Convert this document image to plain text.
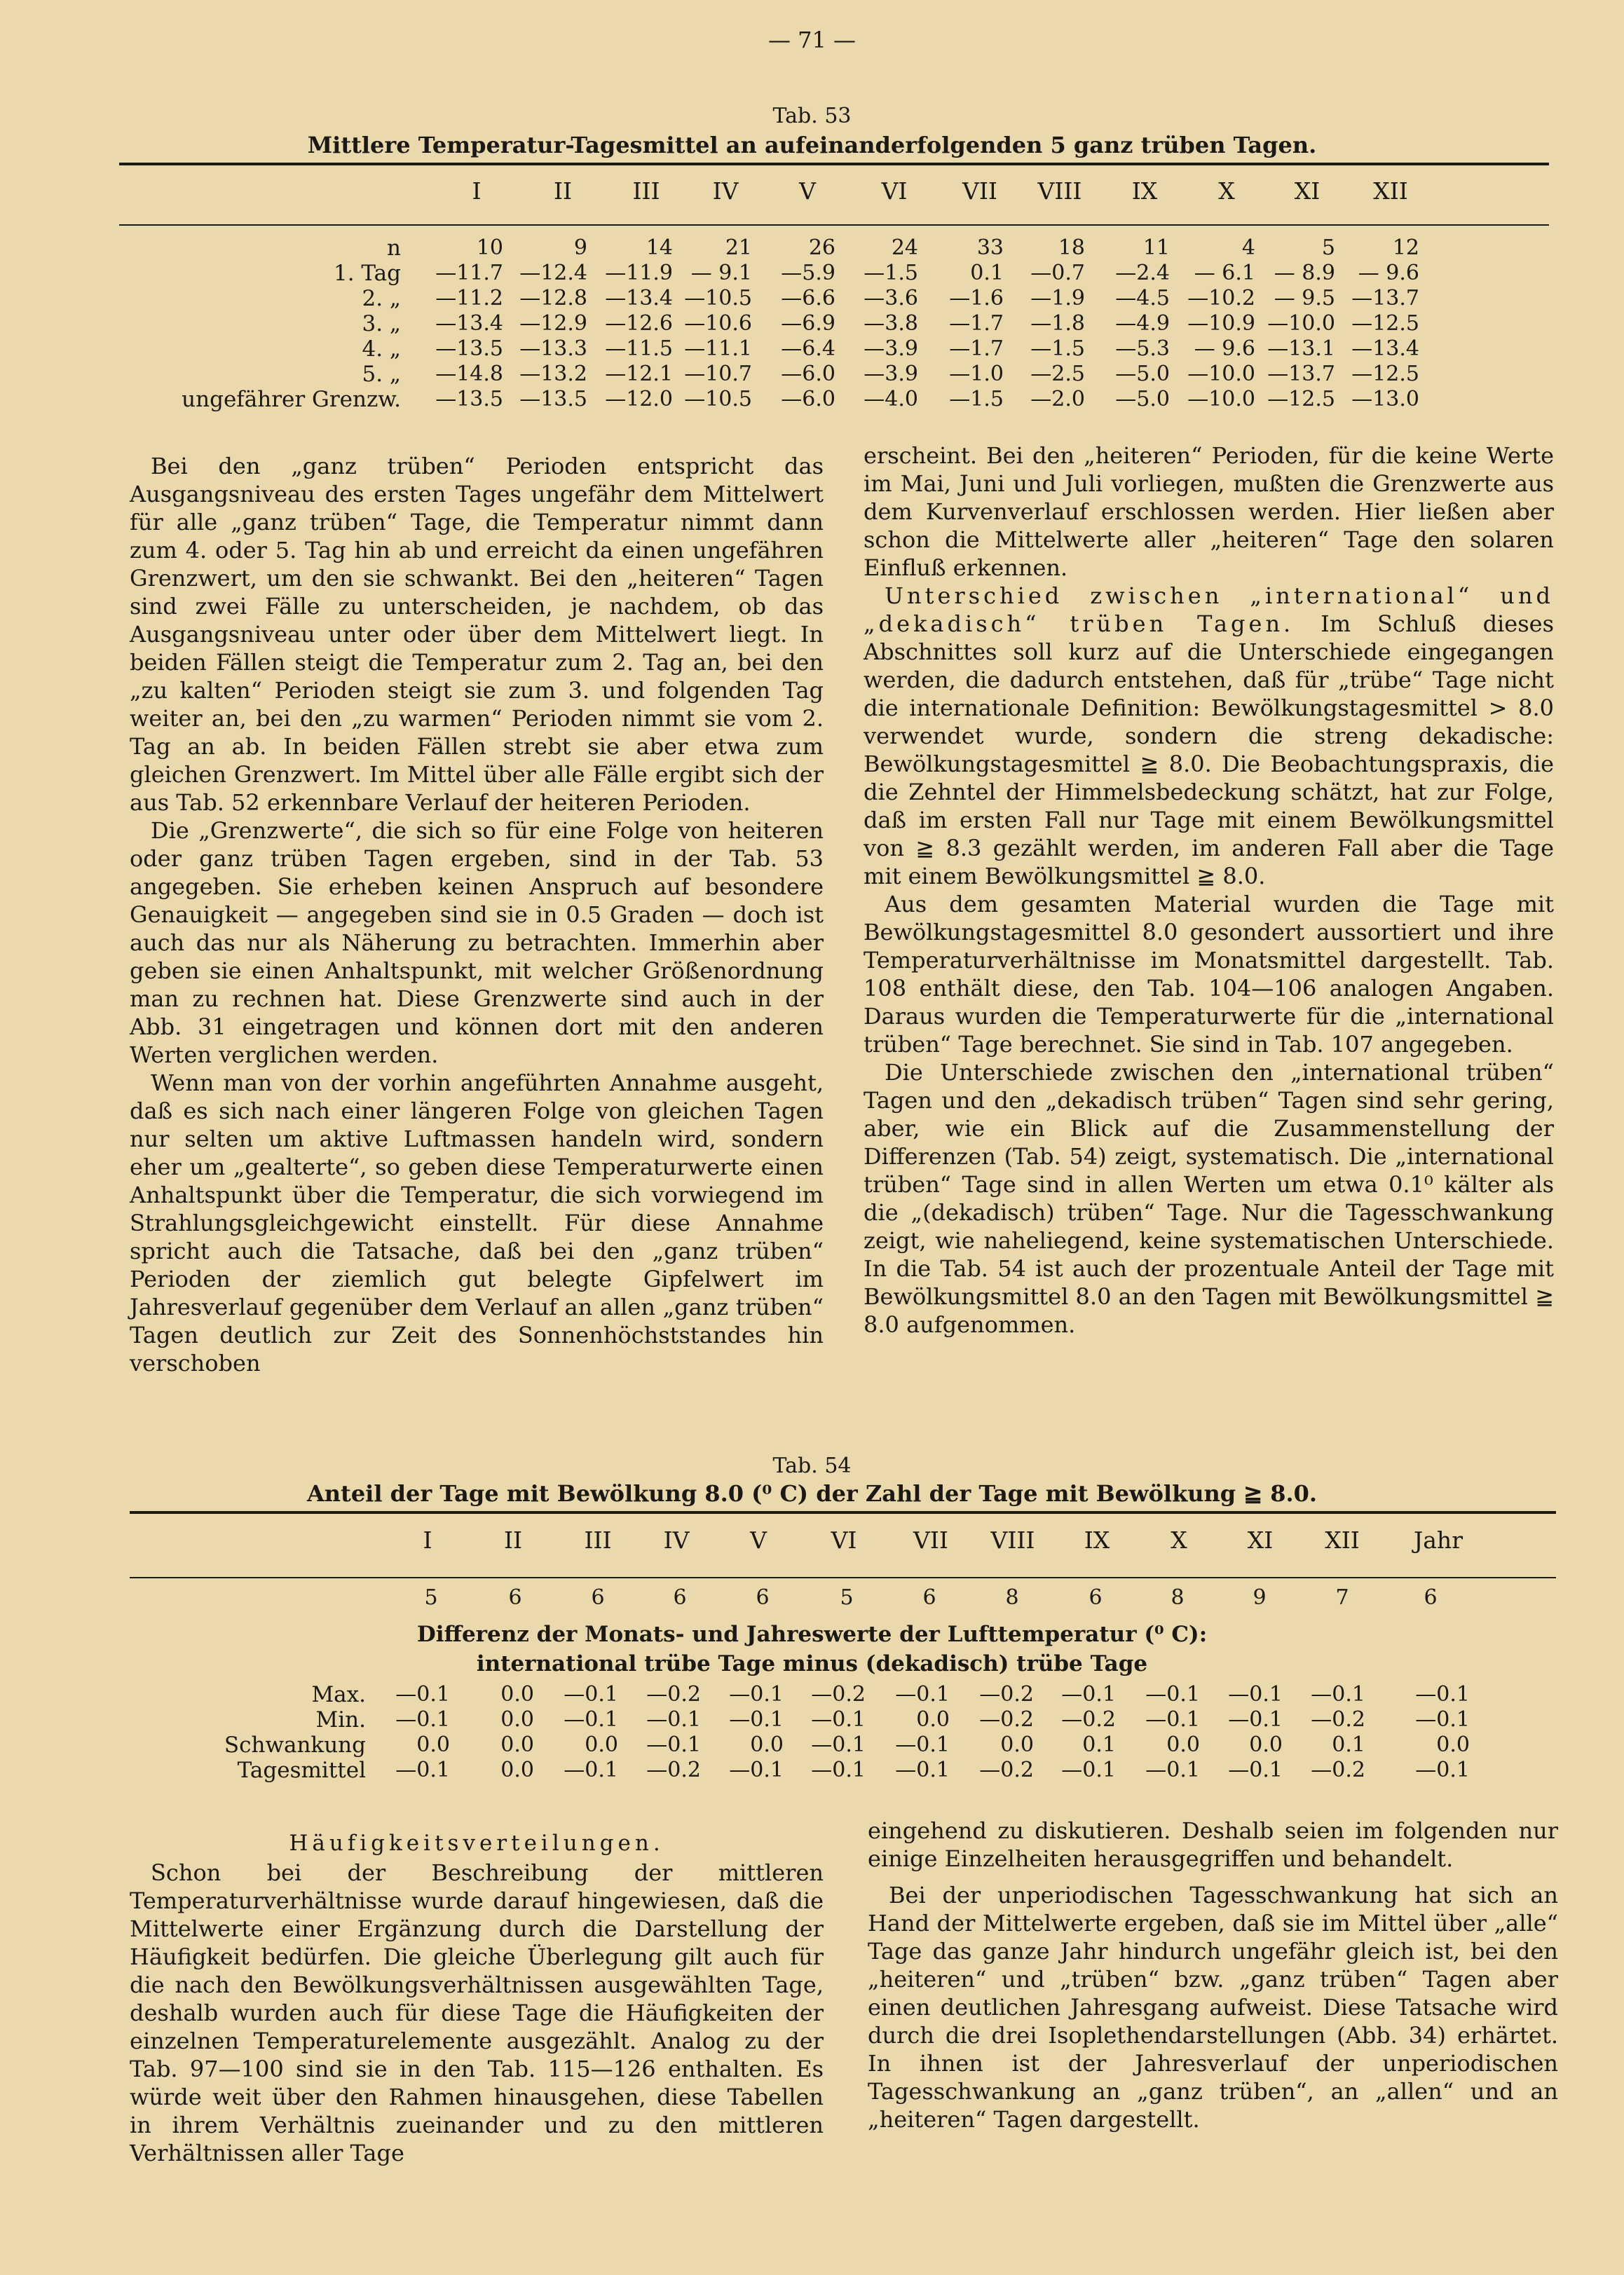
— 71 —
Tab. 53
Mittlere Temperatur-Tagesmittel an aufeinanderfolgenden 5 ganz trüben Tagen.
I	II	III	IV	V	VI	VII	VIII	IX	X	XI	XII
n	10	9	14	21	26	24	33	18	11	4	5	12
1. Tag	—11.7 —12.4 —11.9 — 9.1	—5.9	—1.5	0.1	—0.7	—2.4	— 6.1 — 8.9	— 9.6
2. „	—11.2 —12.8 —13.4 —10.5	—6.6	—3.6	—1.6	—1.9	—4.5 —10.2 — 9.5 —13.7
3. „	—13.4 —12.9 —12.6 —10.6	—6.9	—3.8	—1.7	—1.8	—4.9 —10.9 —10.0 —12.5
4. „	—13.5 —13.3 —11.5 —11.1	—6.4	—3.9	—1.7	—1.5	—5.3	— 9.6 —13.1 —13.4
5. „	—14.8 —13.2 —12.1 —10.7	—6.0	—3.9	—1.0	—2.5	—5.0 —10.0 —13.7 —12.5
ungefährer Grenzw.	—13.5 —13.5 —12.0 —10.5	—6.0	—4.0	—1.5	—2.0	—5.0 —10.0 —12.5 —13.0

Bei den „ganz trüben“ Perioden entspricht das Ausgangsniveau des ersten Tages ungefähr dem Mittelwert für alle „ganz trüben“ Tage, die Temperatur nimmt dann zum 4. oder 5. Tag hin ab und erreicht da einen ungefähren Grenzwert, um den sie schwankt. Bei den „heiteren“ Tagen sind zwei Fälle zu unterscheiden, je nachdem, ob das Ausgangsniveau unter oder über dem Mittelwert liegt. In beiden Fällen steigt die Temperatur zum 2. Tag an, bei den „zu kalten“ Perioden steigt sie zum 3. und folgenden Tag weiter an, bei den „zu warmen“ Perioden nimmt sie vom 2. Tag an ab. In beiden Fällen strebt sie aber etwa zum gleichen Grenzwert. Im Mittel über alle Fälle ergibt sich der aus Tab. 52 erkennbare Verlauf der heiteren Perioden.

Die „Grenzwerte“, die sich so für eine Folge von heiteren oder ganz trüben Tagen ergeben, sind in der Tab. 53 angegeben. Sie erheben keinen Anspruch auf besondere Genauigkeit — angegeben sind sie in 0.5 Graden — doch ist auch das nur als Näherung zu betrachten. Immerhin aber geben sie einen Anhaltspunkt, mit welcher Größenordnung man zu rechnen hat. Diese Grenzwerte sind auch in der Abb. 31 eingetragen und können dort mit den anderen Werten verglichen werden.

Wenn man von der vorhin angeführten Annahme ausgeht, daß es sich nach einer längeren Folge von gleichen Tagen nur selten um aktive Luftmassen handeln wird, sondern eher um „gealterte“, so geben diese Temperaturwerte einen Anhaltspunkt über die Temperatur, die sich vorwiegend im Strahlungsgleichgewicht einstellt. Für diese Annahme spricht auch die Tatsache, daß bei den „ganz trüben“ Perioden der ziemlich gut belegte Gipfelwert im Jahresverlauf gegenüber dem Verlauf an allen „ganz trüben“ Tagen deutlich zur Zeit des Sonnenhöchststandes hin verschoben

erscheint. Bei den „heiteren“ Perioden, für die keine Werte im Mai, Juni und Juli vorliegen, mußten die Grenzwerte aus dem Kurvenverlauf erschlossen werden. Hier ließen aber schon die Mittelwerte aller „heiteren“ Tage den solaren Einfluß erkennen.

Unterschied zwischen „international“ und „dekadisch“ trüben Tagen. Im Schluß dieses Abschnittes soll kurz auf die Unterschiede eingegangen werden, die dadurch entstehen, daß für „trübe“ Tage nicht die internationale Definition: Bewölkungstagesmittel > 8.0 verwendet wurde, sondern die streng dekadische: Bewölkungstagesmittel ≧ 8.0. Die Beobachtungspraxis, die die Zehntel der Himmelsbedeckung schätzt, hat zur Folge, daß im ersten Fall nur Tage mit einem Bewölkungsmittel von ≧ 8.3 gezählt werden, im anderen Fall aber die Tage mit einem Bewölkungsmittel ≧ 8.0.

Aus dem gesamten Material wurden die Tage mit Bewölkungstagesmittel 8.0 gesondert aussortiert und ihre Temperaturverhältnisse im Monatsmittel dargestellt. Tab. 108 enthält diese, den Tab. 104—106 analogen Angaben. Daraus wurden die Temperaturwerte für die „international trüben“ Tage berechnet. Sie sind in Tab. 107 angegeben.

Die Unterschiede zwischen den „international trüben“ Tagen und den „dekadisch trüben“ Tagen sind sehr gering, aber, wie ein Blick auf die Zusammenstellung der Differenzen (Tab. 54) zeigt, systematisch. Die „international trüben“ Tage sind in allen Werten um etwa 0.1⁰ kälter als die „(dekadisch) trüben“ Tage. Nur die Tagesschwankung zeigt, wie naheliegend, keine systematischen Unterschiede. In die Tab. 54 ist auch der prozentuale Anteil der Tage mit Bewölkungsmittel 8.0 an den Tagen mit Bewölkungsmittel ≧ 8.0 aufgenommen.

Tab. 54
Anteil der Tage mit Bewölkung 8.0 (⁰ C) der Zahl der Tage mit Bewölkung ≧ 8.0.
I	II	III	IV	V	VI	VII	VIII	IX	X	XI	XII	Jahr
5	6	6	6	6	5	6	8	6	8	9	7	6
Differenz der Monats- und Jahreswerte der Lufttemperatur (⁰ C):
international trübe Tage minus (dekadisch) trübe Tage
Max.	—0.1	0.0	—0.1	—0.2	—0.1	—0.2	—0.1	—0.2	—0.1	—0.1	—0.1	—0.1	—0.1
Min.	—0.1	0.0	—0.1	—0.1	—0.1	—0.1	0.0	—0.2	—0.2	—0.1	—0.1	—0.2	—0.1
Schwankung	0.0	0.0	0.0	—0.1	0.0	—0.1	—0.1	0.0	0.1	0.0	0.0	0.1	0.0
Tagesmittel	—0.1	0.0	—0.1	—0.2	—0.1	—0.1	—0.1	—0.2	—0.1	—0.1	—0.1	—0.2	—0.1
Häufigkeitsverteilungen.

Schon bei der Beschreibung der mittleren Temperaturverhältnisse wurde darauf hingewiesen, daß die Mittelwerte einer Ergänzung durch die Darstellung der Häufigkeit bedürfen. Die gleiche Überlegung gilt auch für die nach den Bewölkungsverhältnissen ausgewählten Tage, deshalb wurden auch für diese Tage die Häufigkeiten der einzelnen Temperaturelemente ausgezählt. Analog zu der Tab. 97—100 sind sie in den Tab. 115—126 enthalten. Es würde weit über den Rahmen hinausgehen, diese Tabellen in ihrem Verhältnis zueinander und zu den mittleren Verhältnissen aller Tage

eingehend zu diskutieren. Deshalb seien im folgenden nur einige Einzelheiten herausgegriffen und behandelt.

Bei der unperiodischen Tagesschwankung hat sich an Hand der Mittelwerte ergeben, daß sie im Mittel über „alle“ Tage das ganze Jahr hindurch ungefähr gleich ist, bei den „heiteren“ und „trüben“ bzw. „ganz trüben“ Tagen aber einen deutlichen Jahresgang aufweist. Diese Tatsache wird durch die drei Isoplethendarstellungen (Abb. 34) erhärtet. In ihnen ist der Jahresverlauf der unperiodischen Tagesschwankung an „ganz trüben“, an „allen“ und an „heiteren“ Tagen dargestellt.
